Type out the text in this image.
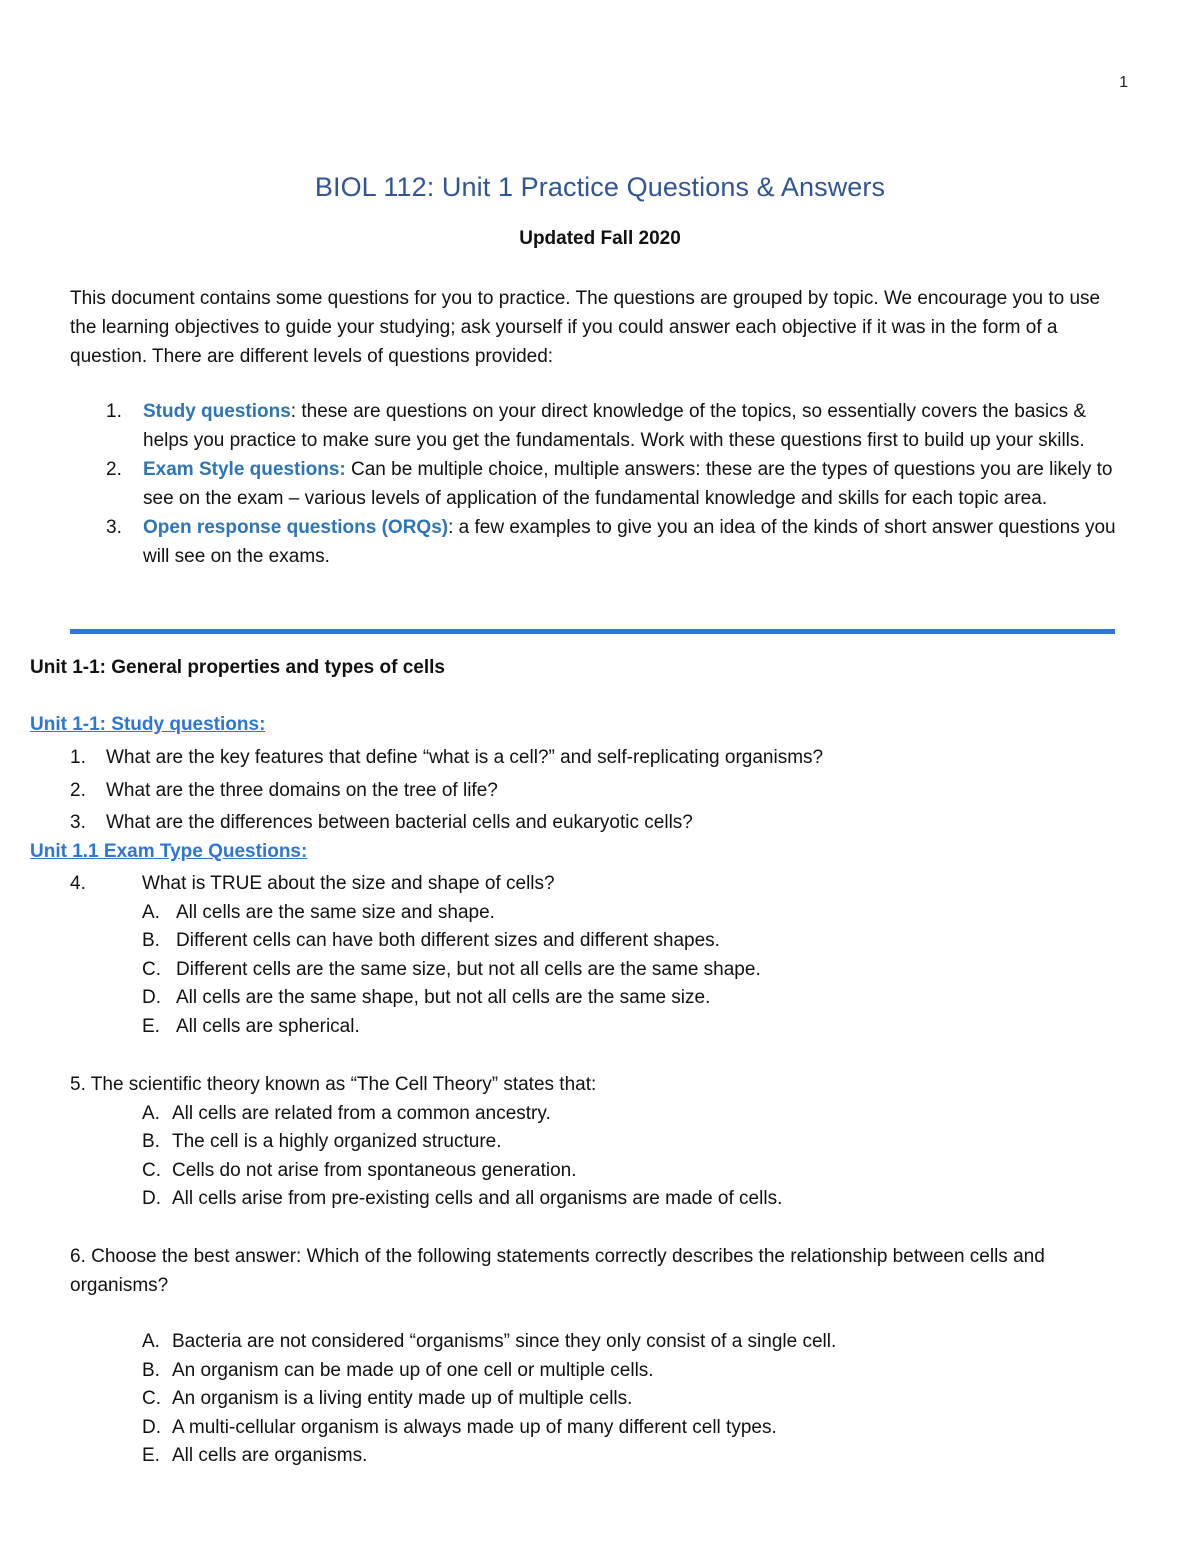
1
BIOL 112: Unit 1 Practice Questions & Answers
Updated Fall 2020
This document contains some questions for you to practice. The questions are grouped by topic. We encourage you to use the learning objectives to guide your studying; ask yourself if you could answer each objective if it was in the form of a question. There are different levels of questions provided:
1. Study questions: these are questions on your direct knowledge of the topics, so essentially covers the basics & helps you practice to make sure you get the fundamentals. Work with these questions first to build up your skills.
2. Exam Style questions: Can be multiple choice, multiple answers: these are the types of questions you are likely to see on the exam – various levels of application of the fundamental knowledge and skills for each topic area.
3. Open response questions (ORQs): a few examples to give you an idea of the kinds of short answer questions you will see on the exams.
Unit 1-1: General properties and types of cells
Unit 1-1: Study questions:
1. What are the key features that define “what is a cell?” and self-replicating organisms?
2. What are the three domains on the tree of life?
3. What are the differences between bacterial cells and eukaryotic cells?
Unit 1.1 Exam Type Questions:
4.	What is TRUE about the size and shape of cells?
A. All cells are the same size and shape.
B. Different cells can have both different sizes and different shapes.
C. Different cells are the same size, but not all cells are the same shape.
D. All cells are the same shape, but not all cells are the same size.
E. All cells are spherical.
5. The scientific theory known as “The Cell Theory” states that:
A. All cells are related from a common ancestry.
B. The cell is a highly organized structure.
C. Cells do not arise from spontaneous generation.
D. All cells arise from pre-existing cells and all organisms are made of cells.
6. Choose the best answer: Which of the following statements correctly describes the relationship between cells and organisms?
A. Bacteria are not considered “organisms” since they only consist of a single cell.
B. An organism can be made up of one cell or multiple cells.
C. An organism is a living entity made up of multiple cells.
D. A multi-cellular organism is always made up of many different cell types.
E. All cells are organisms.
